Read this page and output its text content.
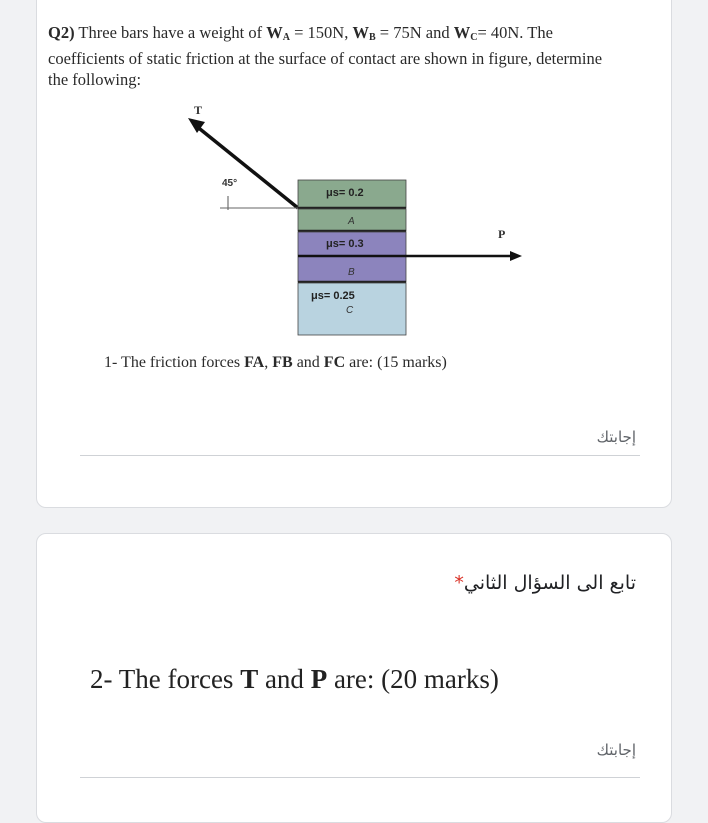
Q2) Three bars have a weight of $W_A = 150N$, $W_B = 75N$ and $W_C= 40N$. The coefficients of static friction at the surface of contact are shown in figure, determine the following:
T
45°
μs= 0.2
A
μs= 0.3
B
P
μs= 0.25
C
1- The friction forces FA, FB and FC are: (15 marks)
إجابتك
تابع الى السؤال الثاني*
2- The forces T and P are: (20 marks)
إجابتك
